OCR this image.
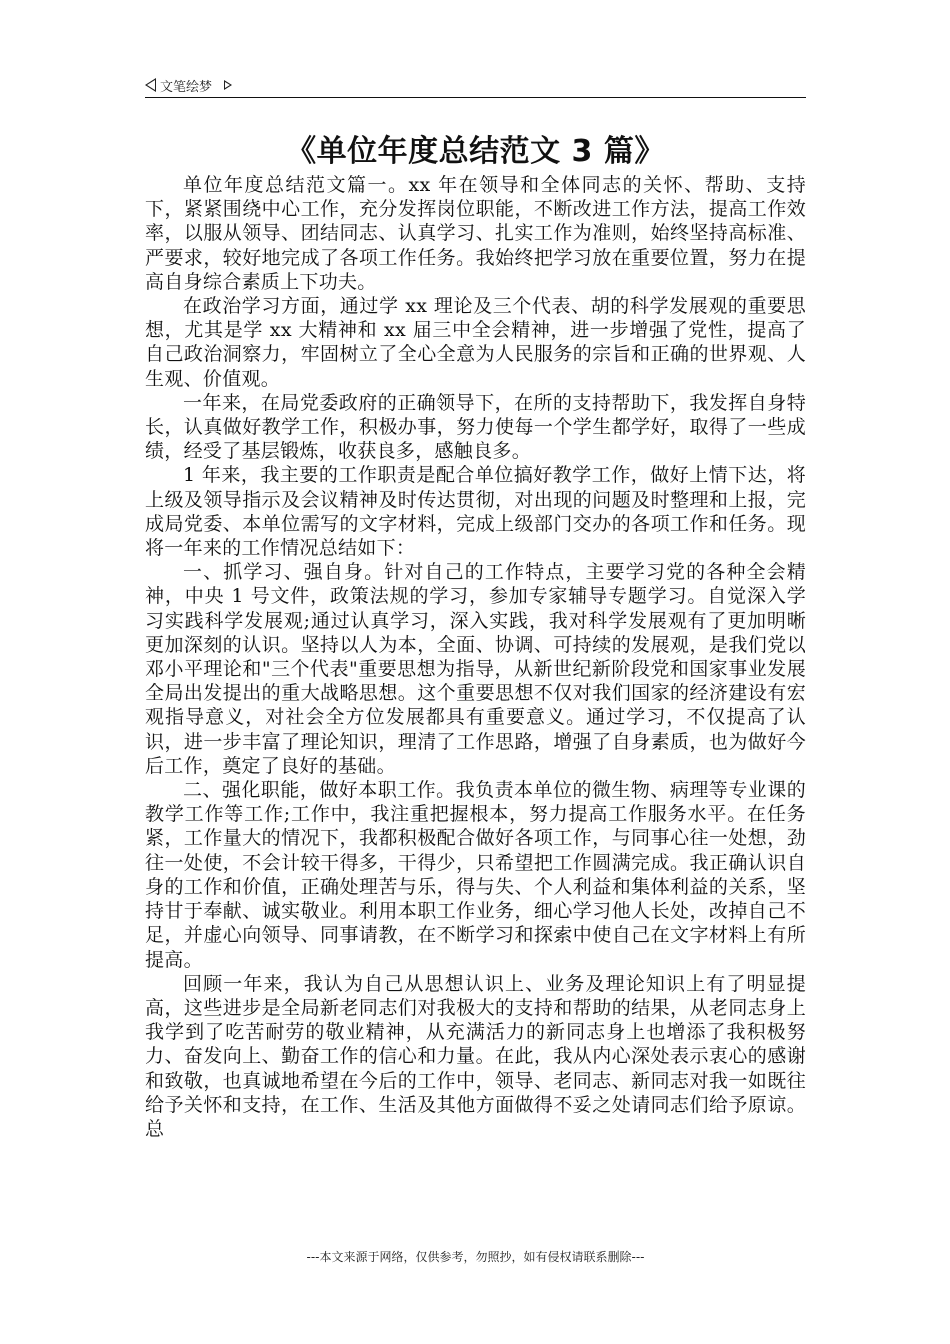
文笔绘梦
《单位年度总结范文 3 篇》

单位年度总结范文篇一。xx 年在领导和全体同志的关怀、帮助、支持下，紧紧围绕中心工作，充分发挥岗位职能，不断改进工作方法，提高工作效率，以服从领导、团结同志、认真学习、扎实工作为准则，始终坚持高标准、严要求，较好地完成了各项工作任务。我始终把学习放在重要位置，努力在提高自身综合素质上下功夫。

在政治学习方面，通过学 xx 理论及三个代表、胡的科学发展观的重要思想，尤其是学 xx 大精神和 xx 届三中全会精神，进一步增强了党性，提高了自己政治洞察力，牢固树立了全心全意为人民服务的宗旨和正确的世界观、人生观、价值观。

一年来，在局党委政府的正确领导下，在所的支持帮助下，我发挥自身特长，认真做好教学工作，积极办事，努力使每一个学生都学好，取得了一些成绩，经受了基层锻炼，收获良多，感触良多。

1 年来，我主要的工作职责是配合单位搞好教学工作，做好上情下达，将上级及领导指示及会议精神及时传达贯彻，对出现的问题及时整理和上报，完成局党委、本单位需写的文字材料，完成上级部门交办的各项工作和任务。现将一年来的工作情况总结如下：

一、抓学习、强自身。针对自己的工作特点，主要学习党的各种全会精神，中央 1 号文件，政策法规的学习，参加专家辅导专题学习。自觉深入学习实践科学发展观;通过认真学习，深入实践，我对科学发展观有了更加明晰更加深刻的认识。坚持以人为本，全面、协调、可持续的发展观，是我们党以邓小平理论和"三个代表"重要思想为指导，从新世纪新阶段党和国家事业发展全局出发提出的重大战略思想。这个重要思想不仅对我们国家的经济建设有宏观指导意义，对社会全方位发展都具有重要意义。通过学习，不仅提高了认识，进一步丰富了理论知识，理清了工作思路，增强了自身素质，也为做好今后工作，奠定了良好的基础。

二、强化职能，做好本职工作。我负责本单位的微生物、病理等专业课的教学工作等工作;工作中，我注重把握根本，努力提高工作服务水平。在任务紧，工作量大的情况下，我都积极配合做好各项工作，与同事心往一处想，劲往一处使，不会计较干得多，干得少，只希望把工作圆满完成。我正确认识自身的工作和价值，正确处理苦与乐，得与失、个人利益和集体利益的关系，坚持甘于奉献、诚实敬业。利用本职工作业务，细心学习他人长处，改掉自己不足，并虚心向领导、同事请教，在不断学习和探索中使自己在文字材料上有所提高。

回顾一年来，我认为自己从思想认识上、业务及理论知识上有了明显提高，这些进步是全局新老同志们对我极大的支持和帮助的结果，从老同志身上我学到了吃苦耐劳的敬业精神，从充满活力的新同志身上也增添了我积极努力、奋发向上、勤奋工作的信心和力量。在此，我从内心深处表示衷心的感谢和致敬，也真诚地希望在今后的工作中，领导、老同志、新同志对我一如既往给予关怀和支持，在工作、生活及其他方面做得不妥之处请同志们给予原谅。总

---本文来源于网络，仅供参考，勿照抄，如有侵权请联系删除---
